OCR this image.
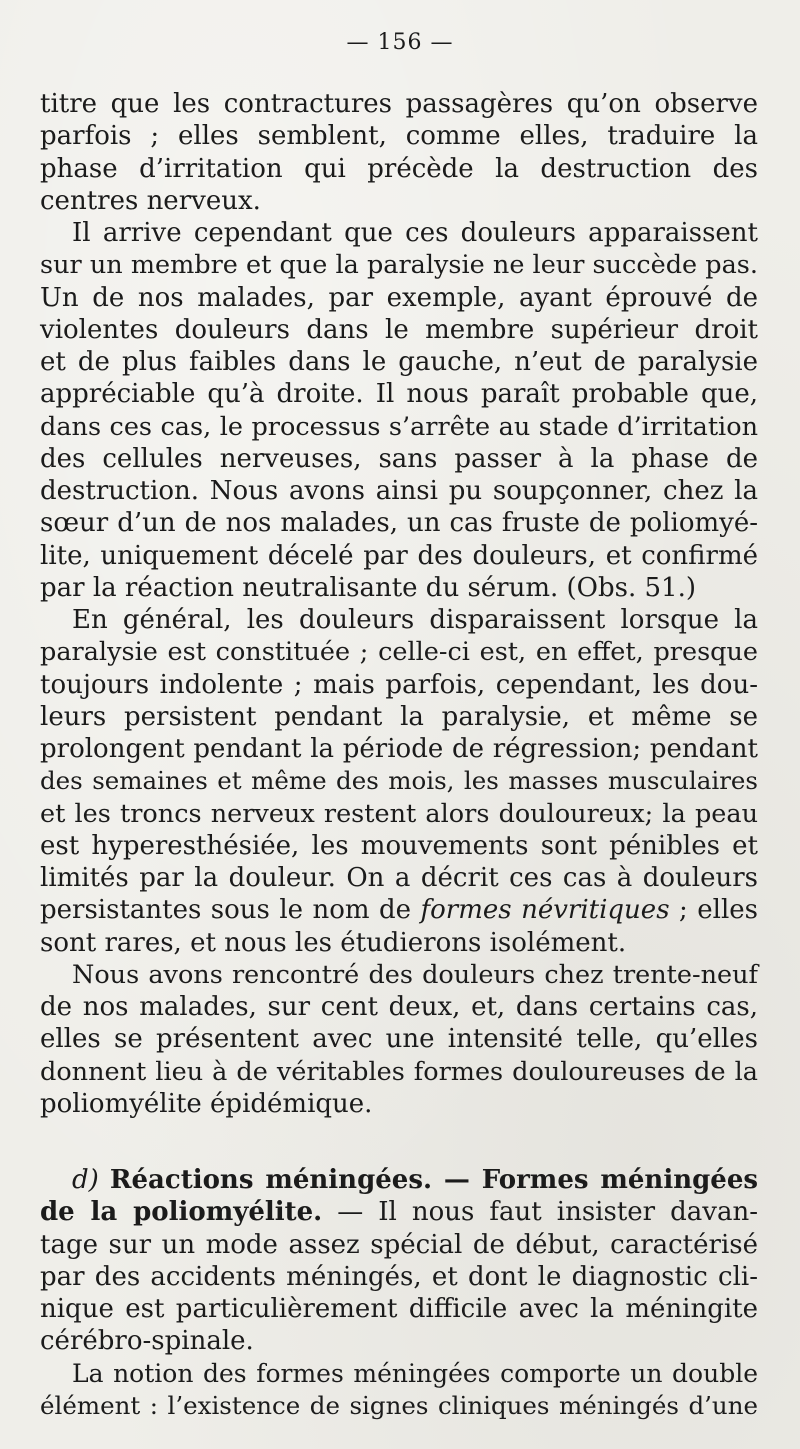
— 156 —
titre que les contractures passagères qu’on observe
parfois ; elles semblent, comme elles, traduire la
phase d’irritation qui précède la destruction des
centres nerveux.
Il arrive cependant que ces douleurs apparaissent
sur un membre et que la paralysie ne leur succède pas.
Un de nos malades, par exemple, ayant éprouvé de
violentes douleurs dans le membre supérieur droit
et de plus faibles dans le gauche, n’eut de paralysie
appréciable qu’à droite. Il nous paraît probable que,
dans ces cas, le processus s’arrête au stade d’irritation
des cellules nerveuses, sans passer à la phase de
destruction. Nous avons ainsi pu soupçonner, chez la
sœur d’un de nos malades, un cas fruste de poliomyé-
lite, uniquement décelé par des douleurs, et confirmé
par la réaction neutralisante du sérum. (Obs. 51.)
En général, les douleurs disparaissent lorsque la
paralysie est constituée ; celle-ci est, en effet, presque
toujours indolente ; mais parfois, cependant, les dou-
leurs persistent pendant la paralysie, et même se
prolongent pendant la période de régression; pendant
des semaines et même des mois, les masses musculaires
et les troncs nerveux restent alors douloureux; la peau
est hyperesthésiée, les mouvements sont pénibles et
limités par la douleur. On a décrit ces cas à douleurs
persistantes sous le nom de formes névritiques ; elles
sont rares, et nous les étudierons isolément.
Nous avons rencontré des douleurs chez trente-neuf
de nos malades, sur cent deux, et, dans certains cas,
elles se présentent avec une intensité telle, qu’elles
donnent lieu à de véritables formes douloureuses de la
poliomyélite épidémique.
d) Réactions méningées. — Formes méningées
de la poliomyélite. — Il nous faut insister davan-
tage sur un mode assez spécial de début, caractérisé
par des accidents méningés, et dont le diagnostic cli-
nique est particulièrement difficile avec la méningite
cérébro-spinale.
La notion des formes méningées comporte un double
élément : l’existence de signes cliniques méningés d’une
